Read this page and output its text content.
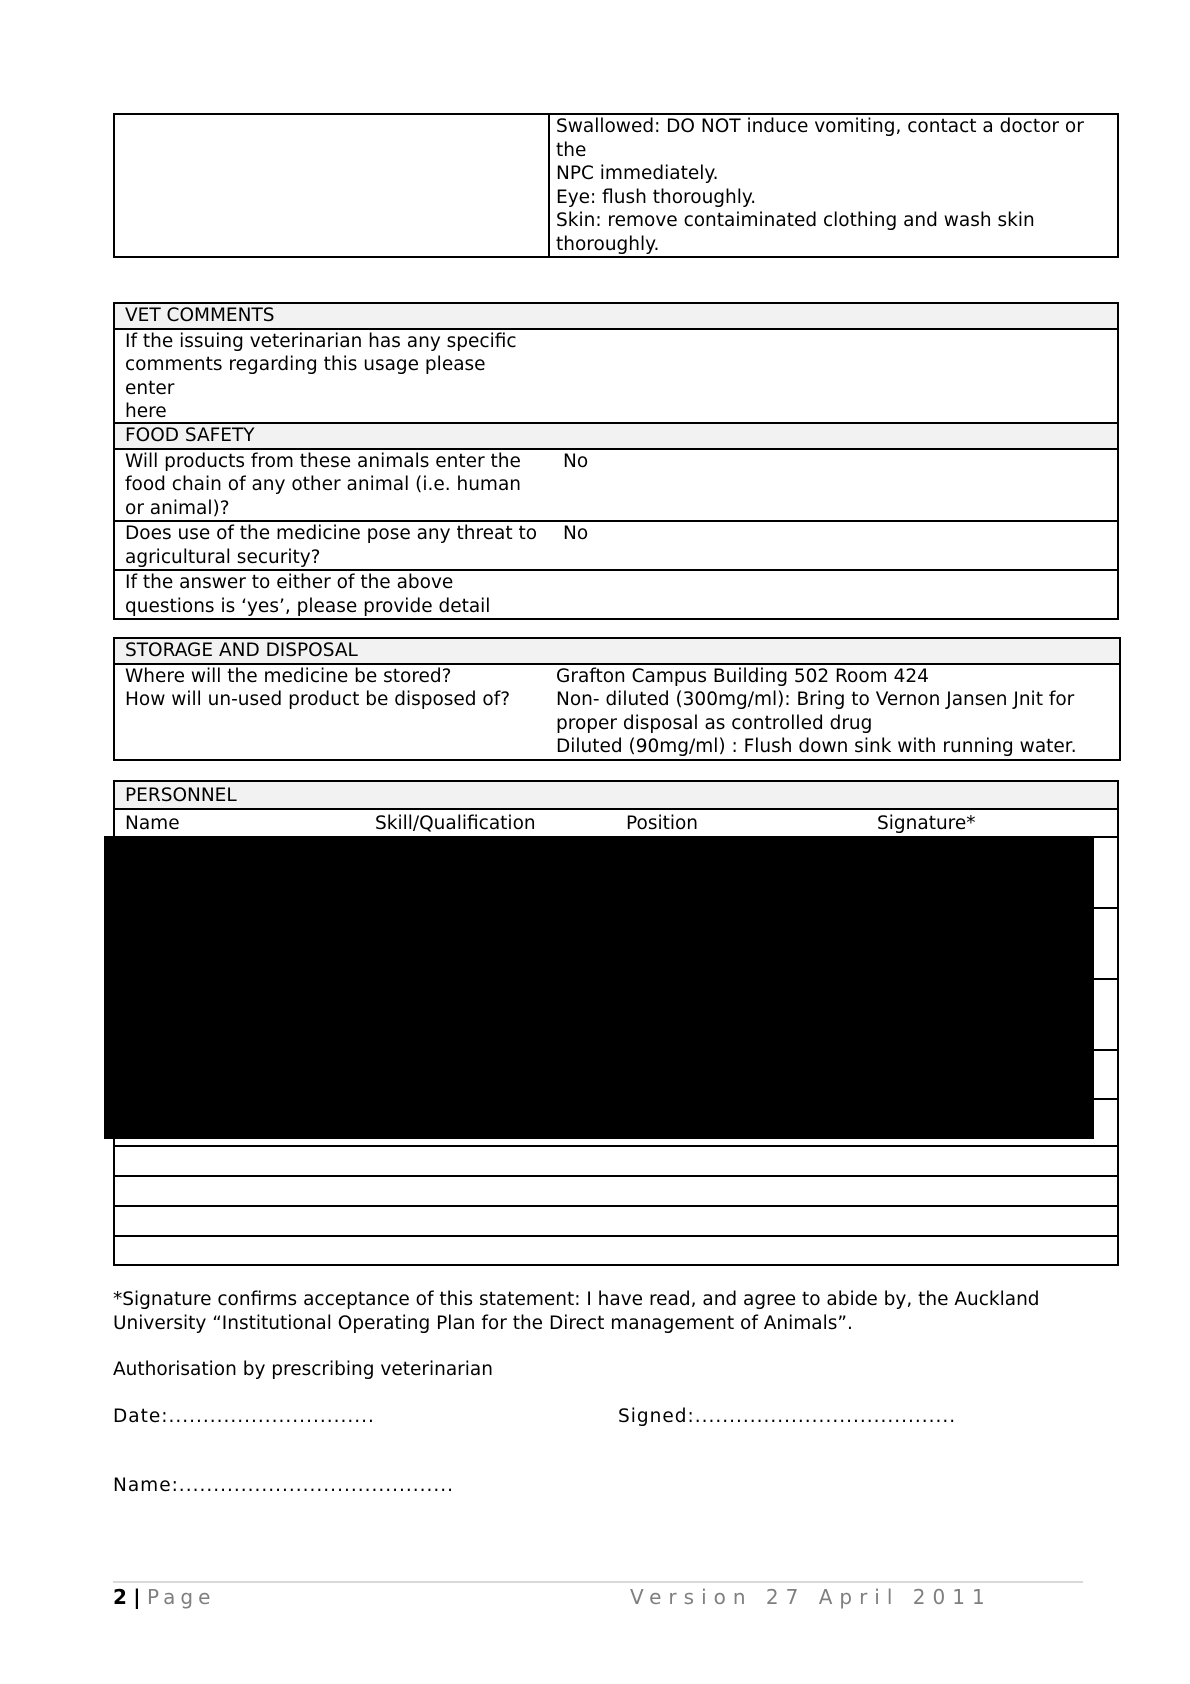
Swallowed: DO NOT induce vomiting, contact a doctor or the
NPC immediately.
Eye: flush thoroughly.
Skin: remove contaiminated clothing and wash skin
thoroughly.
VET COMMENTS

If the issuing veterinarian has any specific
comments regarding this usage please enter
here

FOOD SAFETY	

Will products from these animals enter the
food chain of any other animal (i.e. human
or animal)?	No

Does use of the medicine pose any threat to
agricultural security?	No

If the answer to either of the above
questions is ‘yes’, please provide detail	

STORAGE AND DISPOSAL

Where will the medicine be stored?
How will un-used product be disposed of?

Grafton Campus Building 502 Room 424
Non- diluted (300mg/ml): Bring to Vernon Jansen Jnit for
proper disposal as controlled drug
Diluted (90mg/ml) : Flush down sink with running water.
PERSONNEL
Name	Skill/Qualification	Position	Signature*

*Signature confirms acceptance of this statement: I have read, and agree to abide by, the Auckland
University “Institutional Operating Plan for the Direct management of Animals”.
Authorisation by prescribing veterinarian
Date:..............................	Signed:......................................
Name:........................................
2 | Page	Version 27 April 2011
